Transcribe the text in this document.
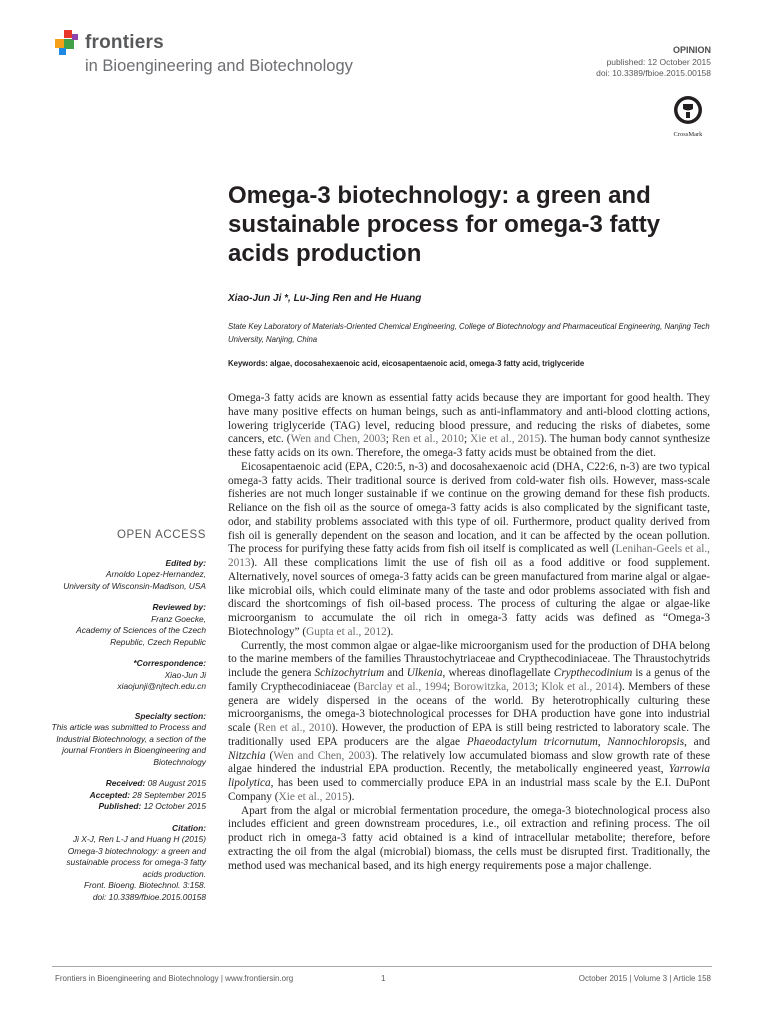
frontiers
in Bioengineering and Biotechnology
OPINION
published: 12 October 2015
doi: 10.3389/fbioe.2015.00158
CrossMark
Omega-3 biotechnology: a green and sustainable process for omega-3 fatty acids production
Xiao-Jun Ji *, Lu-Jing Ren and He Huang
State Key Laboratory of Materials-Oriented Chemical Engineering, College of Biotechnology and Pharmaceutical Engineering, Nanjing Tech University, Nanjing, China
Keywords: algae, docosahexaenoic acid, eicosapentaenoic acid, omega-3 fatty acid, triglyceride
OPEN ACCESS
Edited by:
Arnoldo Lopez-Hernandez,
University of Wisconsin-Madison, USA
Reviewed by:
Franz Goecke,
Academy of Sciences of the Czech Republic, Czech Republic
*Correspondence:
Xiao-Jun Ji
xiaojunji@njtech.edu.cn
Specialty section:
This article was submitted to Process and Industrial Biotechnology, a section of the journal Frontiers in Bioengineering and Biotechnology
Received: 08 August 2015
Accepted: 28 September 2015
Published: 12 October 2015
Citation:
Ji X-J, Ren L-J and Huang H (2015) Omega-3 biotechnology: a green and sustainable process for omega-3 fatty acids production.
Front. Bioeng. Biotechnol. 3:158.
doi: 10.3389/fbioe.2015.00158

Omega-3 fatty acids are known as essential fatty acids because they are important for good health. They have many positive effects on human beings, such as anti-inflammatory and anti-blood clotting actions, lowering triglyceride (TAG) level, reducing blood pressure, and reducing the risks of diabetes, some cancers, etc. (Wen and Chen, 2003; Ren et al., 2010; Xie et al., 2015). The human body cannot synthesize these fatty acids on its own. Therefore, the omega-3 fatty acids must be obtained from the diet.

Eicosapentaenoic acid (EPA, C20:5, n-3) and docosahexaenoic acid (DHA, C22:6, n-3) are two typical omega-3 fatty acids. Their traditional source is derived from cold-water fish oils. However, mass-scale fisheries are not much longer sustainable if we continue on the growing demand for these fish products. Reliance on the fish oil as the source of omega-3 fatty acids is also complicated by the significant taste, odor, and stability problems associated with this type of oil. Furthermore, product quality derived from fish oil is generally dependent on the season and location, and it can be affected by the ocean pollution. The process for purifying these fatty acids from fish oil itself is complicated as well (Lenihan-Geels et al., 2013). All these complications limit the use of fish oil as a food additive or food supplement. Alternatively, novel sources of omega-3 fatty acids can be green manufactured from marine algal or algae-like microbial oils, which could eliminate many of the taste and odor problems associated with fish and discard the shortcomings of fish oil-based process. The process of culturing the algae or algae-like microorganism to accumulate the oil rich in omega-3 fatty acids was defined as “Omega-3 Biotechnology” (Gupta et al., 2012).

Currently, the most common algae or algae-like microorganism used for the production of DHA belong to the marine members of the families Thraustochytriaceae and Crypthecodiniaceae. The Thraustochytrids include the genera Schizochytrium and Ulkenia, whereas dinoflagellate Crypthecodinium is a genus of the family Crypthecodiniaceae (Barclay et al., 1994; Borowitzka, 2013; Klok et al., 2014). Members of these genera are widely dispersed in the oceans of the world. By heterotrophically culturing these microorganisms, the omega-3 biotechnological processes for DHA production have gone into industrial scale (Ren et al., 2010). However, the production of EPA is still being restricted to laboratory scale. The traditionally used EPA producers are the algae Phaeodactylum tricornutum, Nannochloropsis, and Nitzchia (Wen and Chen, 2003). The relatively low accumulated biomass and slow growth rate of these algae hindered the industrial EPA production. Recently, the metabolically engineered yeast, Yarrowia lipolytica, has been used to commercially produce EPA in an industrial mass scale by the E.I. DuPont Company (Xie et al., 2015).

Apart from the algal or microbial fermentation procedure, the omega-3 biotechnological process also includes efficient and green downstream procedures, i.e., oil extraction and refining process. The oil product rich in omega-3 fatty acid obtained is a kind of intracellular metabolite; therefore, before extracting the oil from the algal (microbial) biomass, the cells must be disrupted first. Traditionally, the method used was mechanical based, and its high energy requirements pose a major challenge.

Frontiers in Bioengineering and Biotechnology | www.frontiersin.org	1	October 2015 | Volume 3 | Article 158
